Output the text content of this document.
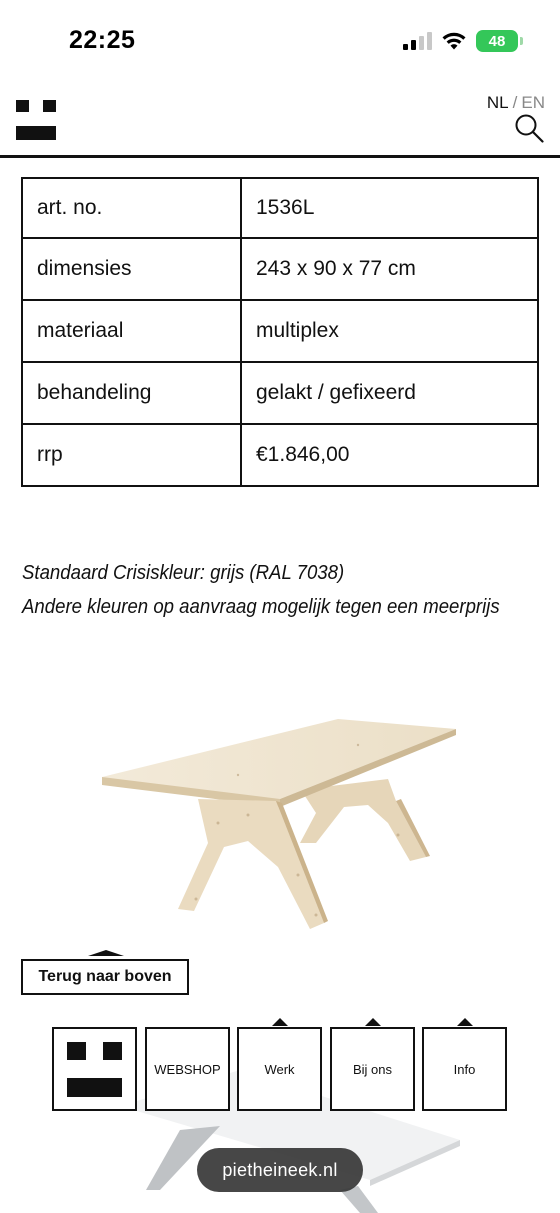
22:25	48
NL / EN
art. no.	1536L
dimensies	243 x 90 x 77 cm
materiaal	multiplex
behandeling	gelakt / gefixeerd
rrp	€1.846,00
Standaard Crisiskleur: grijs (RAL 7038)
Andere kleuren op aanvraag mogelijk tegen een meerprijs
Terug naar boven
WEBSHOP	Werk	Bij ons	Info
pietheineek.nl
